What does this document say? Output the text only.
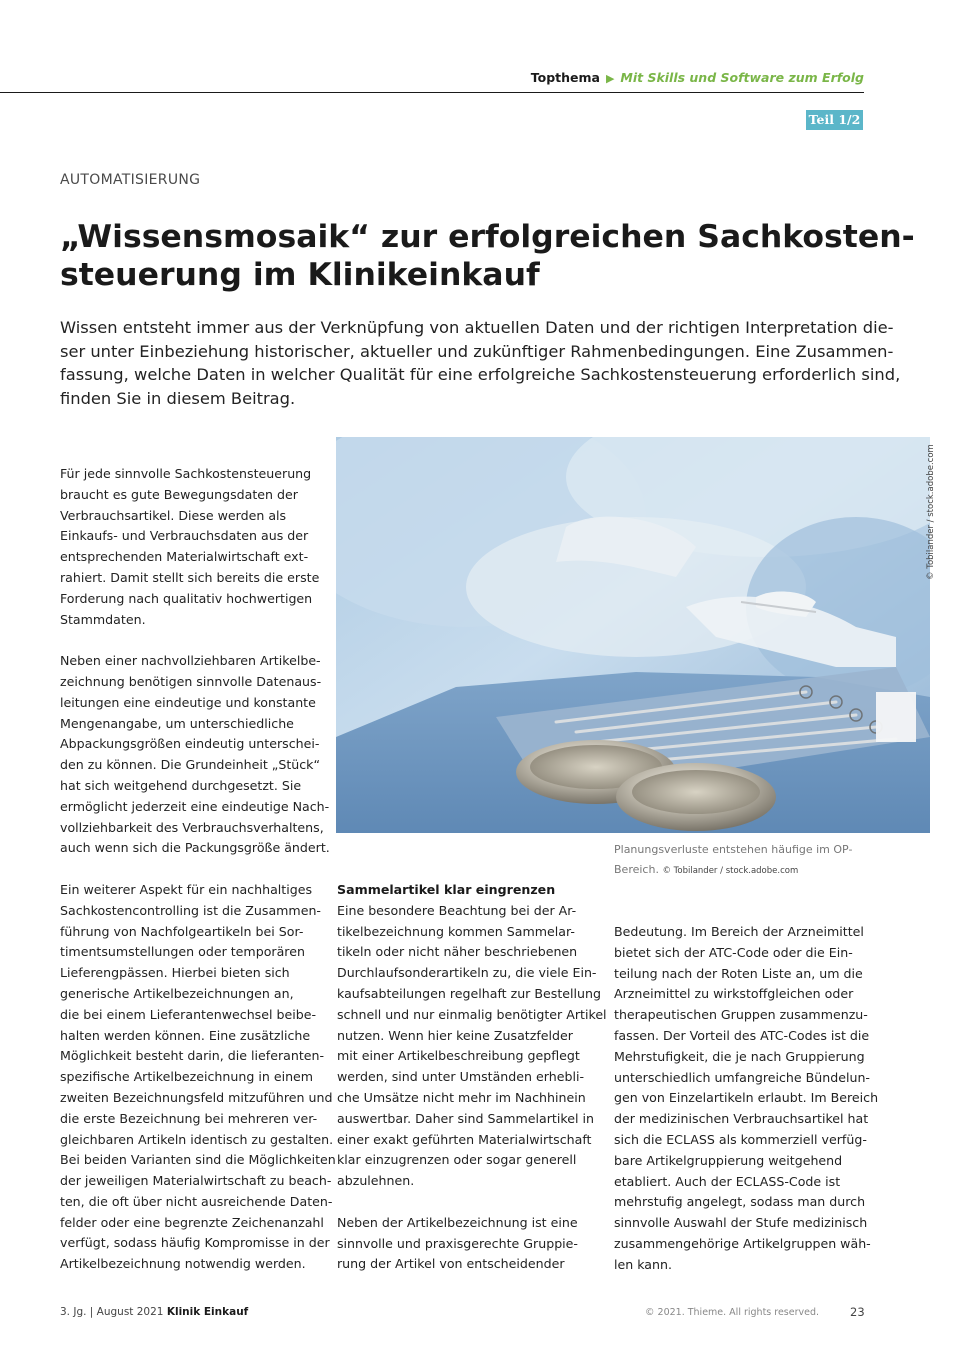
Topthema ▶ Mit Skills und Software zum Erfolg
Teil 1/2
AUTOMATISIERUNG
„Wissensmosaik“ zur erfolgreichen Sachkosten-
steuerung im Klinikeinkauf
Wissen entsteht immer aus der Verknüpfung von aktuellen Daten und der richtigen Interpretation die-
ser unter Einbeziehung historischer, aktueller und zukünftiger Rahmenbedingungen. Eine Zusammen-
fassung, welche Daten in welcher Qualität für eine erfolgreiche Sachkostensteuerung erforderlich sind,
finden Sie in diesem Beitrag.

Für jede sinnvolle Sachkostensteuerung
braucht es gute Bewegungsdaten der
Verbrauchsartikel. Diese werden als
Einkaufs- und Verbrauchsdaten aus der
entsprechenden Materialwirtschaft ext-
rahiert. Damit stellt sich bereits die erste
Forderung nach qualitativ hochwertigen
Stammdaten.

Neben einer nachvollziehbaren Artikelbe-
zeichnung benötigen sinnvolle Datenaus-
leitungen eine eindeutige und konstante
Mengenangabe, um unterschiedliche
Abpackungsgrößen eindeutig unterschei-
den zu können. Die Grundeinheit „Stück“
hat sich weitgehend durchgesetzt. Sie
ermöglicht jederzeit eine eindeutige Nach-
vollziehbarkeit des Verbrauchsverhaltens,
auch wenn sich die Packungsgröße ändert.

Ein weiterer Aspekt für ein nachhaltiges
Sachkostencontrolling ist die Zusammen-
führung von Nachfolgeartikeln bei Sor-
timentsumstellungen oder temporären
Lieferengpässen. Hierbei bieten sich
generische Artikelbezeichnungen an,
die bei einem Lieferantenwechsel beibe-
halten werden können. Eine zusätzliche
Möglichkeit besteht darin, die lieferanten-
spezifische Artikelbezeichnung in einem
zweiten Bezeichnungsfeld mitzuführen und
die erste Bezeichnung bei mehreren ver-
gleichbaren Artikeln identisch zu gestalten.
Bei beiden Varianten sind die Möglichkeiten
der jeweiligen Materialwirtschaft zu beach-
ten, die oft über nicht ausreichende Daten-
felder oder eine begrenzte Zeichenanzahl
verfügt, sodass häufig Kompromisse in der
Artikelbezeichnung notwendig werden.

© Tobilander / stock.adobe.com
Planungsverluste entstehen häufige im OP-
Bereich. © Tobilander / stock.adobe.com
Sammelartikel klar eingrenzen

Eine besondere Beachtung bei der Ar-
tikelbezeichnung kommen Sammelar-
tikeln oder nicht näher beschriebenen
Durchlaufsonderartikeln zu, die viele Ein-
kaufsabteilungen regelhaft zur Bestellung
schnell und nur einmalig benötigter Artikel
nutzen. Wenn hier keine Zusatzfelder
mit einer Artikelbeschreibung gepflegt
werden, sind unter Umständen erhebli-
che Umsätze nicht mehr im Nachhinein
auswertbar. Daher sind Sammelartikel in
einer exakt geführten Materialwirtschaft
klar einzugrenzen oder sogar generell
abzulehnen.

Neben der Artikelbezeichnung ist eine
sinnvolle und praxisgerechte Gruppie-
rung der Artikel von entscheidender

Bedeutung. Im Bereich der Arzneimittel
bietet sich der ATC-Code oder die Ein-
teilung nach der Roten Liste an, um die
Arzneimittel zu wirkstoffgleichen oder
therapeutischen Gruppen zusammenzu-
fassen. Der Vorteil des ATC-Codes ist die
Mehrstufigkeit, die je nach Gruppierung
unterschiedlich umfangreiche Bündelun-
gen von Einzelartikeln erlaubt. Im Bereich
der medizinischen Verbrauchsartikel hat
sich die ECLASS als kommerziell verfüg-
bare Artikelgruppierung weitgehend
etabliert. Auch der ECLASS-Code ist
mehrstufig angelegt, sodass man durch
sinnvolle Auswahl der Stufe medizinisch
zusammengehörige Artikelgruppen wäh-
len kann.

3. Jg. | August 2021 Klinik Einkauf	© 2021. Thieme. All rights reserved.	23
